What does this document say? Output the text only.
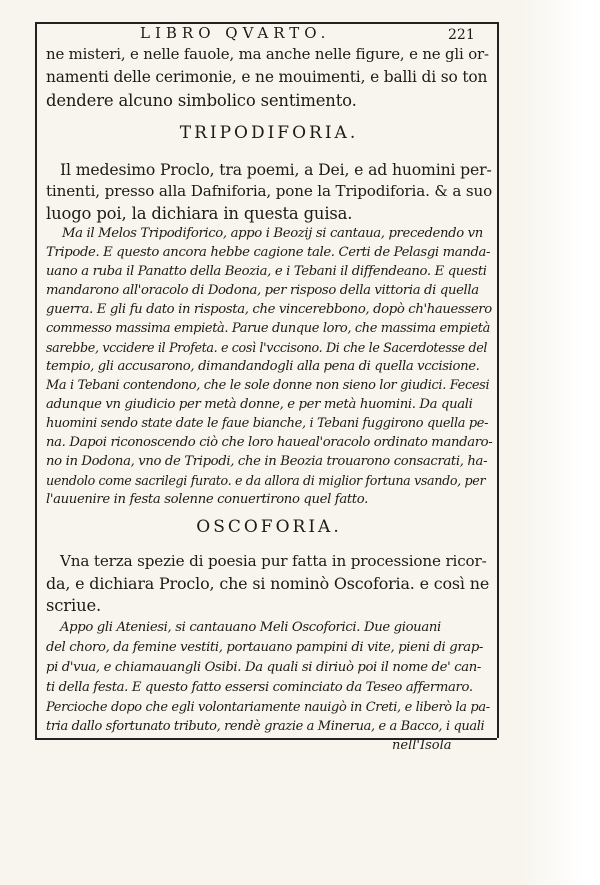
LIBRO QVARTO.	221
ne misteri, e nelle fauole, ma anche nelle figure, e ne gli or-
namenti delle cerimonie, e ne mouimenti, e balli di so ton
dendere alcuno simbolico sentimento.
TRIPODIFORIA.
Il medesimo Proclo, tra poemi, a Dei, e ad huomini per-
tinenti, presso alla Dafniforia, pone la Tripodiforia. & a suo
luogo poi, la dichiara in questa guisa.
Ma il Melos Tripodiforico, appo i Beozij si cantaua, precedendo vn
Tripode. E questo ancora hebbe cagione tale. Certi de Pelasgi manda-
uano a ruba il Panatto della Beozia, e i Tebani il diffendeano. E questi
mandarono all'oracolo di Dodona, per risposo della vittoria di quella
guerra. E gli fu dato in risposta, che vincerebbono, dopò ch'hauessero
commesso massima empietà. Parue dunque loro, che massima empietà
sarebbe, vccidere il Profeta. e così l'vccisono. Di che le Sacerdotesse del
tempio, gli accusarono, dimandandogli alla pena di quella vccisione.
Ma i Tebani contendono, che le sole donne non sieno lor giudici. Fecesi
adunque vn giudicio per metà donne, e per metà huomini. Da quali
huomini sendo state date le faue bianche, i Tebani fuggirono quella pe-
na. Dapoi riconoscendo ciò che loro haueal'oracolo ordinato mandaro-
no in Dodona, vno de Tripodi, che in Beozia trouarono consacrati, ha-
uendolo come sacrilegi furato. e da allora di miglior fortuna vsando, per
l'auuenire in festa solenne conuertirono quel fatto.
OSCOFORIA.
Vna terza spezie di poesia pur fatta in processione ricor-
da, e dichiara Proclo, che si nominò Oscoforia. e così ne
scriue.
Appo gli Ateniesi, si cantauano Meli Oscoforici. Due giouani
del choro, da femine vestiti, portauano pampini di vite, pieni di grap-
pi d'vua, e chiamauangli Osibi. Da quali si diriuò poi il nome de' can-
ti della festa. E questo fatto essersi cominciato da Teseo affermaro.
Percioche dopo che egli volontariamente nauigò in Creti, e liberò la pa-
tria dallo sfortunato tributo, rendè grazie a Minerua, e a Bacco, i quali
nell'Isola
